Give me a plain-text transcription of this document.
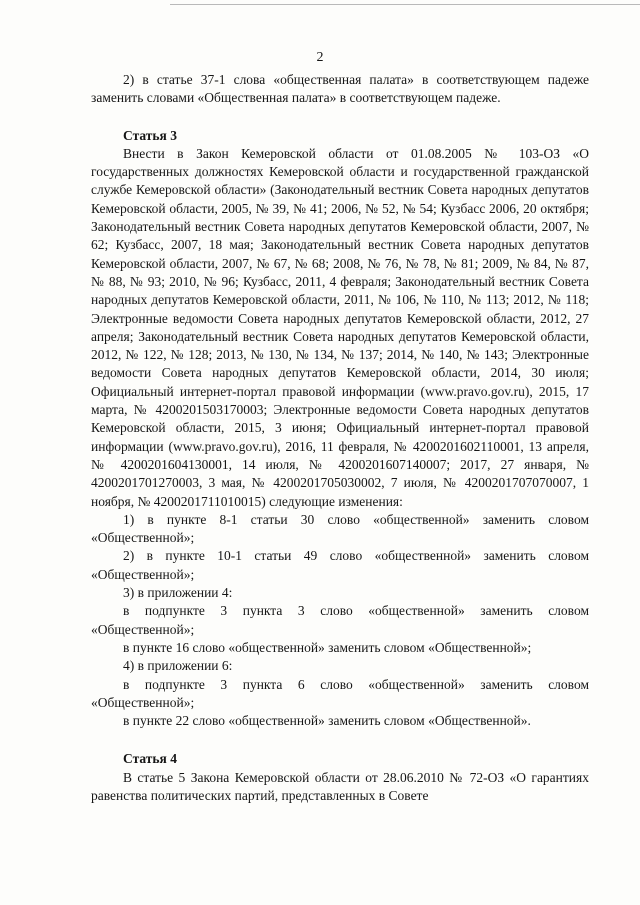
2

2) в статье 37-1 слова «общественная палата» в соответствующем падеже заменить словами «Общественная палата» в соответствующем падеже.

Статья 3

Внести в Закон Кемеровской области от 01.08.2005 № 103-ОЗ «О государственных должностях Кемеровской области и государственной гражданской службе Кемеровской области» (Законодательный вестник Совета народных депутатов Кемеровской области, 2005, № 39, № 41; 2006, № 52, № 54; Кузбасс 2006, 20 октября; Законодательный вестник Совета народных депутатов Кемеровской области, 2007, № 62; Кузбасс, 2007, 18 мая; Законодательный вестник Совета народных депутатов Кемеровской области, 2007, № 67, № 68; 2008, № 76, № 78, № 81; 2009, № 84, № 87, № 88, № 93; 2010, № 96; Кузбасс, 2011, 4 февраля; Законодательный вестник Совета народных депутатов Кемеровской области, 2011, № 106, № 110, № 113; 2012, № 118; Электронные ведомости Совета народных депутатов Кемеровской области, 2012, 27 апреля; Законодательный вестник Совета народных депутатов Кемеровской области, 2012, № 122, № 128; 2013, № 130, № 134, № 137; 2014, № 140, № 143; Электронные ведомости Совета народных депутатов Кемеровской области, 2014, 30 июля; Официальный интернет-портал правовой информации (www.pravo.gov.ru), 2015, 17 марта, № 4200201503170003; Электронные ведомости Совета народных депутатов Кемеровской области, 2015, 3 июня; Официальный интернет-портал правовой информации (www.pravo.gov.ru), 2016, 11 февраля, № 4200201602110001, 13 апреля, № 4200201604130001, 14 июля, № 4200201607140007; 2017, 27 января, № 4200201701270003, 3 мая, № 4200201705030002, 7 июля, № 4200201707070007, 1 ноября, № 4200201711010015) следующие изменения:

1) в пункте 8-1 статьи 30 слово «общественной» заменить словом «Общественной»;

2) в пункте 10-1 статьи 49 слово «общественной» заменить словом «Общественной»;

3) в приложении 4:

в подпункте 3 пункта 3 слово «общественной» заменить словом «Общественной»;

в пункте 16 слово «общественной» заменить словом «Общественной»;

4) в приложении 6:

в подпункте 3 пункта 6 слово «общественной» заменить словом «Общественной»;

в пункте 22 слово «общественной» заменить словом «Общественной».

Статья 4

В статье 5 Закона Кемеровской области от 28.06.2010 № 72-ОЗ «О гарантиях равенства политических партий, представленных в Совете
